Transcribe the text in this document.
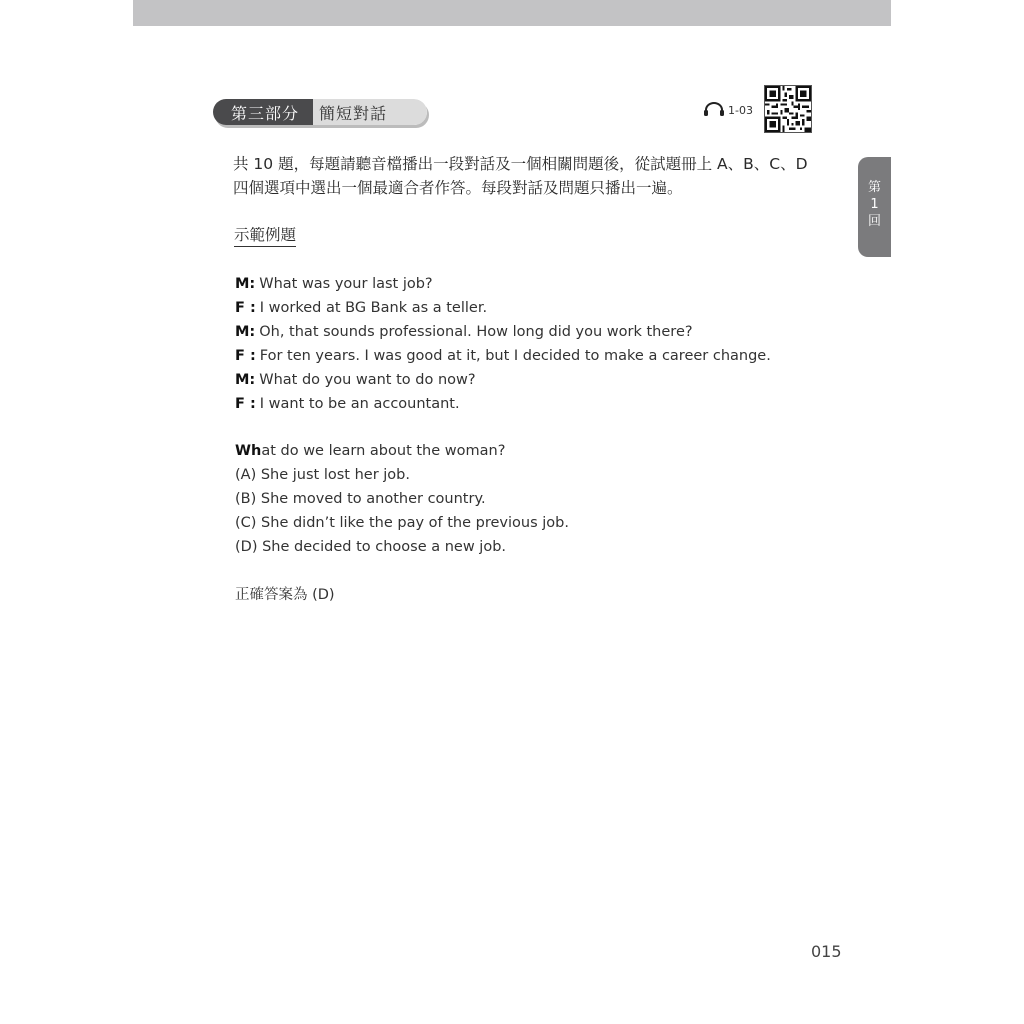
第三部分	簡短對話	1-03
第
1
回
共 10 題，每題請聽音檔播出一段對話及一個相關問題後，從試題冊上 A、B、C、D
四個選項中選出一個最適合者作答。每段對話及問題只播出一遍。
示範例題
M: What was your last job?
F : I worked at BG Bank as a teller.
M: Oh, that sounds professional. How long did you work there?
F : For ten years. I was good at it, but I decided to make a career change.
M: What do you want to do now?
F : I want to be an accountant.
What do we learn about the woman?
(A) She just lost her job.
(B) She moved to another country.
(C) She didn’t like the pay of the previous job.
(D) She decided to choose a new job.
正確答案為 (D)
015
